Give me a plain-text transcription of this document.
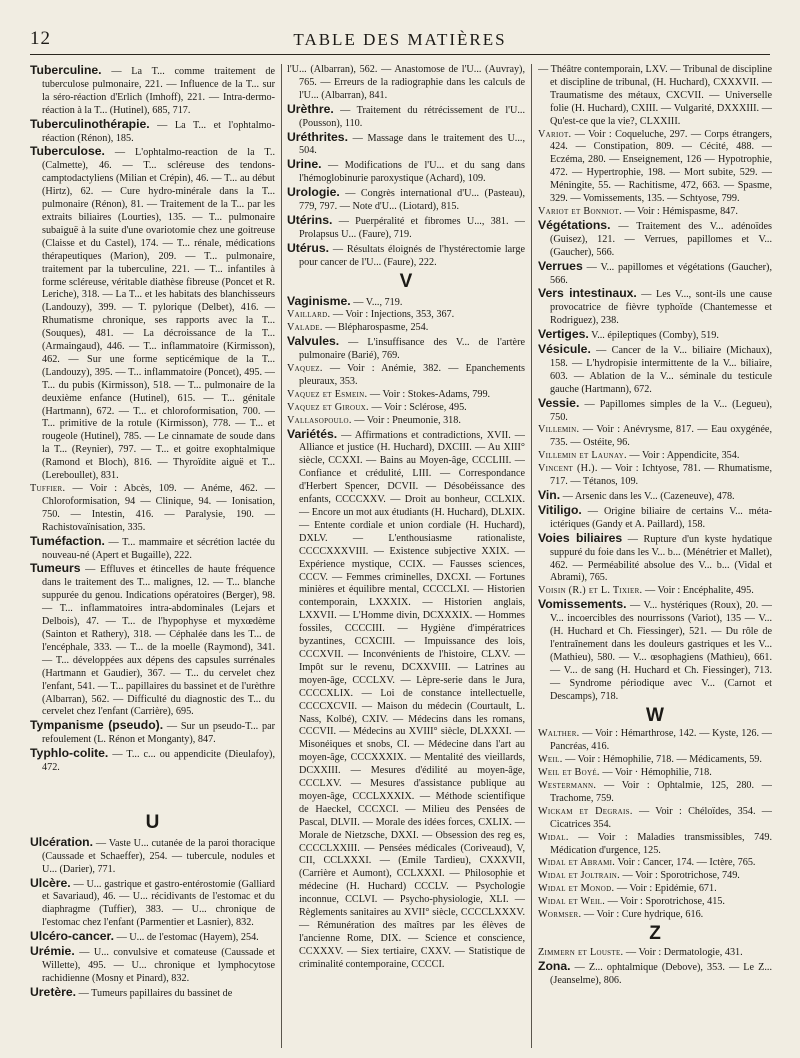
12	TABLE DES MATIÈRES

Tuberculine. — La T... comme traitement de tuberculose pulmonaire, 221. — Influence de la T... sur la séro-réaction d'Erlich (Imhoff), 221. — Intra-dermo-réaction à la T... (Hutinel), 685, 717.

Tuberculinothérapie. — La T... et l'ophtalmo-réaction (Rénon), 185.

Tuberculose. — L'ophtalmo-reaction de la T.. (Calmette), 46. — T... scléreuse des tendons-camptodactyliens (Milian et Crépin), 46. — T... au début (Hirtz), 62. — Cure hydro-minérale dans la T... pulmonaire (Rénon), 81. — Traitement de la T... par les extraits biliaires (Lourties), 135. — T... pulmonaire subaiguë à la suite d'une ovariotomie chez une goitreuse (Claisse et du Castel), 174. — T... rénale, médications thérapeutiques (Marion), 209. — T... pulmonaire, traitement par la tuberculine, 221. — T... infantiles à forme scléreuse, véritable diathèse fibreuse (Poncet et R. Leriche), 318. — La T... et les habitats des blanchisseurs (Landouzy), 399. — T. pylorique (Delbet), 416. — Rhumatisme chronique, ses rapports avec la T... (Souques), 481. — La décroissance de la T... (Armaingaud), 446. — T... inflammatoire (Kirmisson), 462. — Sur une forme septicémique de la T... (Landouzy), 395. — T... inflammatoire (Poncet), 495. — T... du pubis (Kirmisson), 518. — T... pulmonaire de la deuxième enfance (Hutinel), 615. — T... génitale (Hartmann), 672. — T... et chloroformisation, 700. — T... primitive de la rotule (Kirmisson), 778. — T... et rougeole (Hutinel), 785. — Le cinnamate de soude dans la T... (Reynier), 797. — T... et goitre exophtalmique (Ramond et Bloch), 816. — Thyroïdite aiguë et T... (Lereboullet), 831.

Tuffier. — Voir : Abcès, 109. — Anéme, 462. — Chloroformisation, 94 — Clinique, 94. — Ionisation, 750. — Intestin, 416. — Paralysie, 190. — Rachistovaïnisation, 335.

Tuméfaction. — T... mammaire et sécrétion lactée du nouveau-né (Apert et Bugaille), 222.

Tumeurs — Effluves et étincelles de haute fréquence dans le traitement des T... malignes, 12. — T... blanche suppurée du genou. Indications opératoires (Berger), 98. — T... inflammatoires intra-abdominales (Lejars et Delbois), 47. — T... de l'hypophyse et myxœdème (Sainton et Rathery), 318. — Céphalée dans les T... de l'encéphale, 333. — T... de la moelle (Raymond), 341. — T... développées aux dépens des capsules surrénales (Hartmann et Gaudier), 367. — T... du cervelet chez l'enfant, 541. — T... papillaires du bassinet et de l'urèthre (Albarran), 562. — Difficulté du diagnostic des T... du cervelet chez l'enfant (Carrière), 695.

Tympanisme (pseudo). — Sur un pseudo-T... par refoulement (L. Rénon et Monganty), 847.

Typhlo-colite. — T... c... ou appendicite (Dieulafoy), 472.

U

Ulcération. — Vaste U... cutanée de la paroi thoracique (Caussade et Schaeffer), 254. — tubercule, nodules et U... (Darier), 771.

Ulcère. — U... gastrique et gastro-entérostomie (Galliard et Savariaud), 46. — U... récidivants de l'estomac et du diaphragme (Tuffier), 383. — U... chronique de l'estomac chez l'enfant (Parmentier et Lasnier), 832.

Ulcéro-cancer. — U... de l'estomac (Hayem), 254.

Urémie. — U... convulsive et comateuse (Caussade et Willette), 495. — U... chronique et lymphocytose rachidienne (Mosny et Pinard), 832.

Uretère. — Tumeurs papillaires du bassinet de

l'U... (Albarran), 562. — Anastomose de l'U... (Auvray), 765. — Erreurs de la radiographie dans les calculs de l'U... (Albarran), 841.

Urèthre. — Traitement du rétrécissement de l'U... (Pousson), 110.

Uréthrites. — Massage dans le traitement des U..., 504.

Urine. — Modifications de l'U... et du sang dans l'hémoglobinurie paroxystique (Achard), 109.

Urologie. — Congrès international d'U... (Pasteau), 779, 797. — Note d'U... (Liotard), 815.

Utérins. — Puerpéralité et fibromes U..., 381. — Prolapsus U... (Faure), 719.

Utérus. — Résultats éloignés de l'hystérectomie large pour cancer de l'U... (Faure), 222.

V

Vaginisme. — V..., 719.

Vaillard. — Voir : Injections, 353, 367.

Valade. — Blépharospasme, 254.

Valvules. — L'insuffisance des V... de l'artère pulmonaire (Barié), 769.

Vaquez. — Voir : Anémie, 382. — Epanchements pleuraux, 353.

Vaquez et Esmein. — Voir : Stokes-Adams, 799.

Vaquez et Giroux. — Voir : Sclérose, 495.

Vallasopoulo. — Voir : Pneumonie, 318.

Variétés. — Affirmations et contradictions, XVII. — Alliance et justice (H. Huchard), DXCIII. — Au XIII° siècle, CCXXI. — Bains au Moyen-âge, CCCLIII. — Confiance et crédulité, LIII. — Correspondance d'Herbert Spencer, DCVII. — Désobéissance des enfants, CCCCXXV. — Droit au bonheur, CCLXIX. — Encore un mot aux étudiants (H. Huchard), DLXIX. — Entente cordiale et union cordiale (H. Huchard), DXLV. — L'enthousiasme rationaliste, CCCCXXXVIII. — Existence subjective XXIX. — Expérience mystique, CCIX. — Fausses sciences, CCCV. — Femmes criminelles, DXCXI. — Fortunes minières et équilibre mental, CCCCLXI. — Historien contemporain, LXXXIX. — Historien anglais, LXXVII. — L'Homme divin, DCXXXIX. — Hommes fossiles, CCCCIII. — Hygiène d'impératrices byzantines, CCXCIII. — Impuissance des lois, CCCXVII. — Inconvénients de l'histoire, CLXV. — Impôt sur le revenu, DCXXVIII. — Latrines au moyen-âge, CCCLXV. — Lèpre-serie dans le Jura, CCCCXLIX. — Loi de constance intellectuelle, CCCCXCVII. — Maison du médecin (Courtault, L. Nass, Kolbé), CXIV. — Médecins dans les romans, CCCVII. — Médecins au XVIII° siècle, DLXXXI. — Misonéiques et snobs, CI. — Médecine dans l'art au moyen-âge, CCCXXXIX. — Mentalité des vieillards, DCXXIII. — Mesures d'édilité au moyen-âge, CCCLXV. — Mesures d'assistance publique au moyen-âge, CCCLXXXIX. — Méthode scientifique de Haeckel, CCCXCI. — Milieu des Pensées de Pascal, DLVII. — Morale des idées forces, CXLIX. — Morale de Nietzsche, DXXI. — Obsession des reg es, CCCCLXXIII. — Pensées médicales (Coriveaud), V, CII, CCLXXXI. — (Emile Tardieu), CXXXVII, (Carrière et Aumont), CCLXXXI. — Philosophie et médecine (H. Huchard) CCCLV. — Psychologie inconnue, CCLVI. — Psycho-physiologie, XLI. — Règlements sanitaires au XVII° siècle, CCCCLXXXV. — Rémunération des maîtres par les élèves de l'ancienne Rome, DIX. — Science et conscience, CCXXXV. — Siex tertiaire, CXXV. — Statistique de criminalité contemporaine, CCCCI.

— Théâtre contemporain, LXV. — Tribunal de discipline et discipline de tribunal, (H. Huchard), CXXXVII. — Traumatisme des métaux, CXCVII. — Universelle folie (H. Huchard), CXIII. — Vulgarité, DXXXIII. — Qu'est-ce que la vie?, CLXXIII.

Variot. — Voir : Coqueluche, 297. — Corps étrangers, 424. — Constipation, 809. — Cécité, 488. — Eczéma, 280. — Enseignement, 126 — Hypotrophie, 472. — Hypertrophie, 198. — Mort subite, 529. — Méningite, 55. — Rachitisme, 472, 663. — Spasme, 329. — Vomissements, 135. — Schtyose, 799.

Variot et Bonniot. — Voir : Hémispasme, 847.

Végétations. — Traitement des V... adénoïdes (Guisez), 121. — Verrues, papillomes et V... (Gaucher), 566.

Verrues — V... papillomes et végétations (Gaucher), 566.

Vers intestinaux. — Les V..., sont-ils une cause provocatrice de fièvre typhoïde (Chantemesse et Rodriguez), 238.

Vertiges. V... épileptiques (Comby), 519.

Vésicule. — Cancer de la V... biliaire (Michaux), 158. — L'hydropisie intermittente de la V... biliaire, 603. — Ablation de la V... séminale du testicule gauche (Hartmann), 672.

Vessie. — Papillomes simples de la V... (Legueu), 750.

Villemin. — Voir : Anévrysme, 817. — Eau oxygénée, 735. — Ostéite, 96.

Villemin et Launay. — Voir : Appendicite, 354.

Vincent (H.). — Voir : Ichtyose, 781. — Rhumatisme, 717. — Tétanos, 109.

Vin. — Arsenic dans les V... (Cazeneuve), 478.

Vitiligo. — Origine biliaire de certains V... méta-ictériques (Gandy et A. Paillard), 158.

Voies biliaires — Rupture d'un kyste hydatique suppuré du foie dans les V... b... (Ménétrier et Mallet), 462. — Perméabilité absolue des V... b... (Vidal et Abrami), 765.

Voisin (R.) et L. Tixier. — Voir : Encéphalite, 495.

Vomissements. — V... hystériques (Roux), 20. — V... incoercibles des nourrissons (Variot), 135 — V... (H. Huchard et Ch. Fiessinger), 521. — Du rôle de l'entraînement dans les douleurs gastriques et les V... (Mathieu), 580. — V... œsophagiens (Mathieu), 661. — V... de sang (H. Huchard et Ch. Fiessinger), 713. — Syndrome périodique avec V... (Carnot et Descamps), 718.

W

Walther. — Voir : Hémarthrose, 142. — Kyste, 126. — Pancréas, 416.

Weil. — Voir : Hémophilie, 718. — Médicaments, 59.

Weil et Boyé. — Voir · Hémophilie, 718.

Westermann. — Voir : Ophtalmie, 125, 280. — Trachome, 759.

Wickam et Degrais. — Voir : Chéloïdes, 354. — Cicatrices 354.

Widal. — Voir : Maladies transmissibles, 749. Médication d'urgence, 125.

Widal et Abrami. Voir : Cancer, 174. — Ictère, 765.

Widal et Joltrain. — Voir : Sporotrichose, 749.

Widal et Monod. — Voir : Epidémie, 671.

Widal et Weil. — Voir : Sporotrichose, 415.

Wormser. — Voir : Cure hydrique, 616.

Z

Zimmern et Louste. — Voir : Dermatologie, 431.

Zona. — Z... ophtalmique (Debove), 353. — Le Z... (Jeanselme), 806.
